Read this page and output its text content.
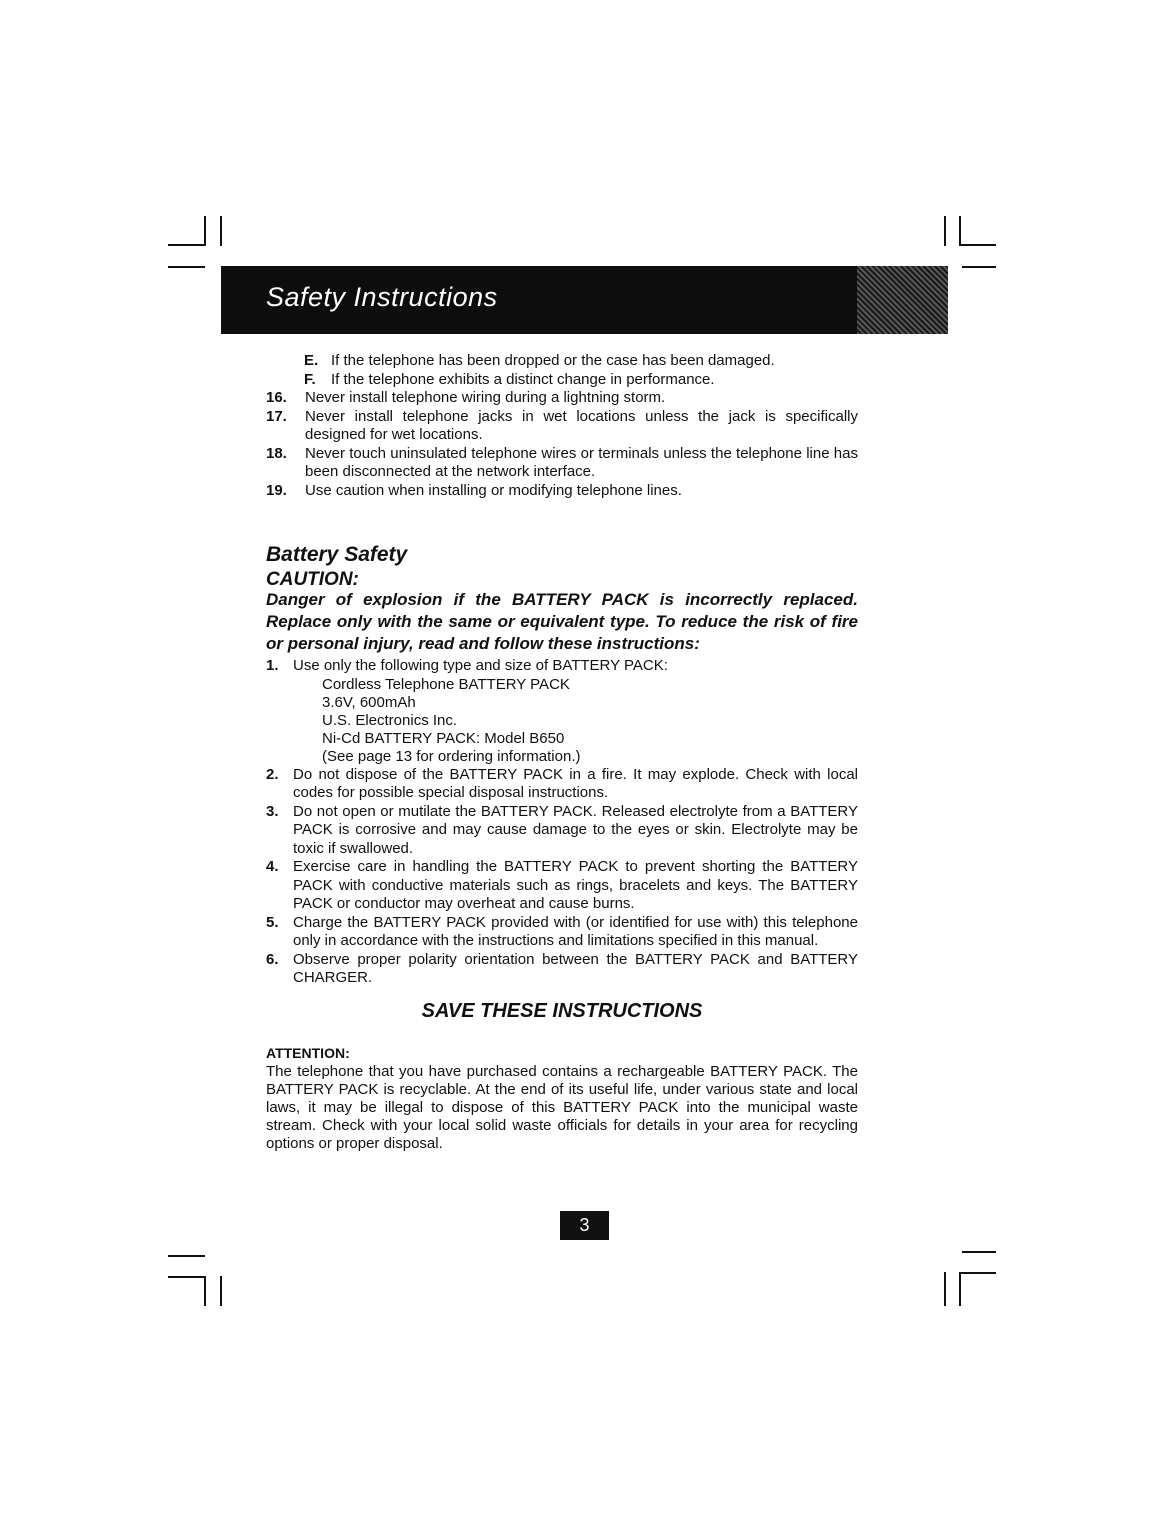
Safety Instructions
E. If the telephone has been dropped or the case has been damaged.
F.	If the telephone exhibits a distinct change in performance.
16.	Never install telephone wiring during a lightning storm.
17.	Never install telephone jacks in wet locations unless the jack is specifically designed for wet locations.
18.	Never touch uninsulated telephone wires or terminals unless the telephone line has been disconnected at the network interface.
19.	Use caution when installing or modifying telephone lines.
Battery Safety
CAUTION:
Danger of explosion if the BATTERY PACK is incorrectly replaced. Replace only with the same or equivalent type. To reduce the risk of fire or personal injury, read and follow these instructions:
1. Use only the following type and size of BATTERY PACK:
Cordless Telephone BATTERY PACK
3.6V, 600mAh
U.S. Electronics Inc.
Ni-Cd BATTERY PACK: Model B650
(See page 13 for ordering information.)
2. Do not dispose of the BATTERY PACK in a fire. It may explode. Check with local codes for possible special disposal instructions.
3. Do not open or mutilate the BATTERY PACK. Released electrolyte from a BATTERY PACK is corrosive and may cause damage to the eyes or skin. Electrolyte may be toxic if swallowed.
4. Exercise care in handling the BATTERY PACK to prevent shorting the BATTERY PACK with conductive materials such as rings, bracelets and keys. The BATTERY PACK or conductor may overheat and cause burns.
5. Charge the BATTERY PACK provided with (or identified for use with) this telephone only in accordance with the instructions and limitations specified in this manual.
6. Observe proper polarity orientation between the BATTERY PACK and BATTERY CHARGER.
SAVE THESE INSTRUCTIONS
ATTENTION:
The telephone that you have purchased contains a rechargeable BATTERY PACK. The BATTERY PACK is recyclable. At the end of its useful life, under various state and local laws, it may be illegal to dispose of this BATTERY PACK into the municipal waste stream. Check with your local solid waste officials for details in your area for recycling options or proper disposal.
3
